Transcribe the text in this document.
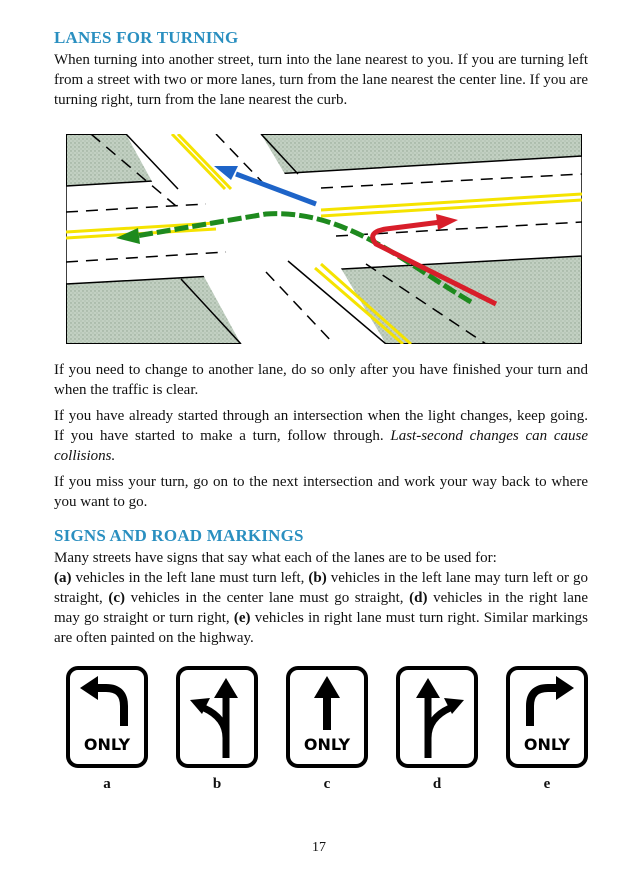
LANES FOR TURNING

When turning into another street, turn into the lane nearest to you. If you are turning left from a street with two or more lanes, turn from the lane nearest the center line. If you are turning right, turn from the lane nearest the curb.

If you need to change to another lane, do so only after you have finished your turn and when the traffic is clear.

If you have already started through an intersection when the light changes, keep going. If you have started to make a turn, follow through. Last-second changes can cause collisions.

If you miss your turn, go on to the next intersection and work your way back to where you want to go.

SIGNS AND ROAD MARKINGS

Many streets have signs that say what each of the lanes are to be used for:
(a) vehicles in the left lane must turn left, (b) vehicles in the left lane may turn left or go straight, (c) vehicles in the center lane must go straight, (d) vehicles in the right lane may go straight or turn right, (e) vehicles in right lane must turn right. Similar markings are often painted on the highway.

ONLY
a	b
ONLY
c	d
ONLY
e
17
